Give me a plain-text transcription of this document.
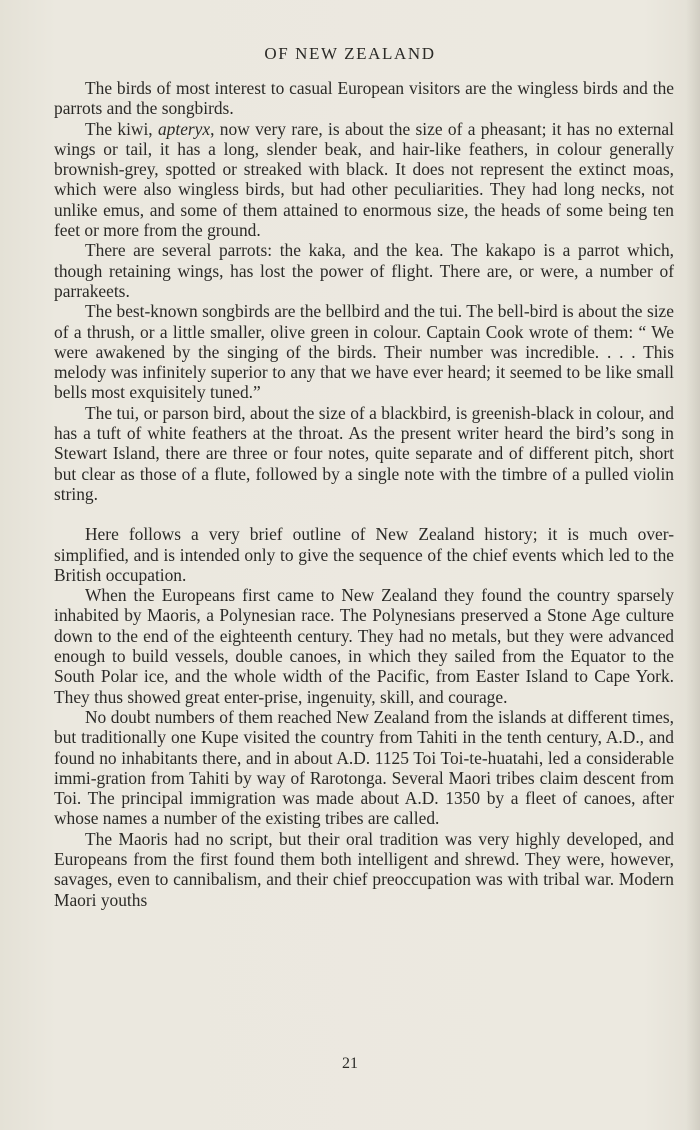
OF NEW ZEALAND

The birds of most interest to casual European visitors are the wingless birds and the parrots and the songbirds.

The kiwi, apteryx, now very rare, is about the size of a pheasant; it has no external wings or tail, it has a long, slender beak, and hair-like feathers, in colour generally brownish-grey, spotted or streaked with black. It does not represent the extinct moas, which were also wingless birds, but had other peculiarities. They had long necks, not unlike emus, and some of them attained to enormous size, the heads of some being ten feet or more from the ground.

There are several parrots: the kaka, and the kea. The kakapo is a parrot which, though retaining wings, has lost the power of flight. There are, or were, a number of parrakeets.

The best-known songbirds are the bellbird and the tui. The bell-bird is about the size of a thrush, or a little smaller, olive green in colour. Captain Cook wrote of them: “ We were awakened by the singing of the birds. Their number was incredible. . . . This melody was infinitely superior to any that we have ever heard; it seemed to be like small bells most exquisitely tuned.”

The tui, or parson bird, about the size of a blackbird, is greenish-black in colour, and has a tuft of white feathers at the throat. As the present writer heard the bird’s song in Stewart Island, there are three or four notes, quite separate and of different pitch, short but clear as those of a flute, followed by a single note with the timbre of a pulled violin string.

Here follows a very brief outline of New Zealand history; it is much over-simplified, and is intended only to give the sequence of the chief events which led to the British occupation.

When the Europeans first came to New Zealand they found the country sparsely inhabited by Maoris, a Polynesian race. The Polynesians preserved a Stone Age culture down to the end of the eighteenth century. They had no metals, but they were advanced enough to build vessels, double canoes, in which they sailed from the Equator to the South Polar ice, and the whole width of the Pacific, from Easter Island to Cape York. They thus showed great enter-prise, ingenuity, skill, and courage.

No doubt numbers of them reached New Zealand from the islands at different times, but traditionally one Kupe visited the country from Tahiti in the tenth century, A.D., and found no inhabitants there, and in about A.D. 1125 Toi Toi-te-huatahi, led a considerable immi-gration from Tahiti by way of Rarotonga. Several Maori tribes claim descent from Toi. The principal immigration was made about A.D. 1350 by a fleet of canoes, after whose names a number of the existing tribes are called.

The Maoris had no script, but their oral tradition was very highly developed, and Europeans from the first found them both intelligent and shrewd. They were, however, savages, even to cannibalism, and their chief preoccupation was with tribal war. Modern Maori youths

21
